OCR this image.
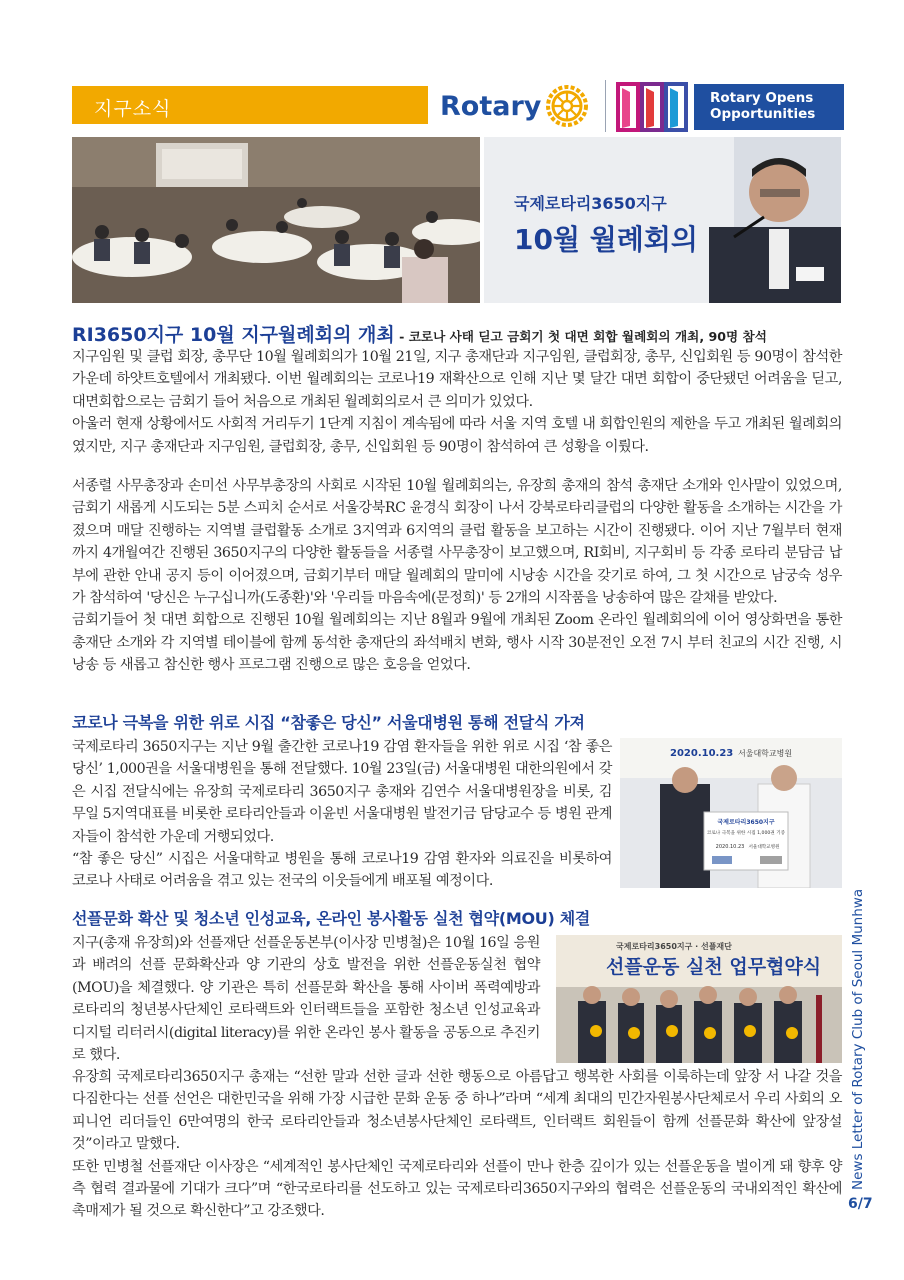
지구소식	Rotary	Rotary Opens
Opportunities
국제로타리3650지구
10월 월례회의
RI3650지구 10월 지구월례회의 개최 - 코로나 사태 딛고 금회기 첫 대면 회합 월례회의 개최, 90명 참석

지구임원 및 클럽 회장, 총무단 10월 월례회의가 10월 21일, 지구 총재단과 지구임원, 클럽회장, 총무, 신입회원 등 90명이 참석한 가운데 하얏트호텔에서 개최됐다. 이번 월례회의는 코로나19 재확산으로 인해 지난 몇 달간 대면 회합이 중단됐던 어려움을 딛고, 대면회합으로는 금회기 들어 처음으로 개최된 월례회의로서 큰 의미가 있었다.

아울러 현재 상황에서도 사회적 거리두기 1단계 지침이 계속됨에 따라 서울 지역 호텔 내 회합인원의 제한을 두고 개최된 월례회의였지만, 지구 총재단과 지구임원, 클럽회장, 총무, 신입회원 등 90명이 참석하여 큰 성황을 이뤘다.

서종렬 사무총장과 손미선 사무부총장의 사회로 시작된 10월 월례회의는, 유장희 총재의 참석 총재단 소개와 인사말이 있었으며, 금회기 새롭게 시도되는 5분 스피치 순서로 서울강북RC 윤경식 회장이 나서 강북로타리클럽의 다양한 활동을 소개하는 시간을 가졌으며 매달 진행하는 지역별 클럽활동 소개로 3지역과 6지역의 클럽 활동을 보고하는 시간이 진행됐다. 이어 지난 7월부터 현재까지 4개월여간 진행된 3650지구의 다양한 활동들을 서종렬 사무총장이 보고했으며, RI회비, 지구회비 등 각종 로타리 분담금 납부에 관한 안내 공지 등이 이어졌으며, 금회기부터 매달 월례회의 말미에 시낭송 시간을 갖기로 하여, 그 첫 시간으로 남궁숙 성우가 참석하여 '당신은 누구십니까(도종환)'와 '우리들 마음속에(문정희)' 등 2개의 시작품을 낭송하여 많은 갈채를 받았다.

금회기들어 첫 대면 회합으로 진행된 10월 월례회의는 지난 8월과 9월에 개최된 Zoom 온라인 월례회의에 이어 영상화면을 통한 총재단 소개와 각 지역별 테이블에 함께 동석한 총재단의 좌석배치 변화, 행사 시작 30분전인 오전 7시 부터 친교의 시간 진행, 시 낭송 등 새롭고 참신한 행사 프로그램 진행으로 많은 호응을 얻었다.

코로나 극복을 위한 위로 시집 “참좋은 당신” 서울대병원 통해 전달식 가져

국제로타리 3650지구는 지난 9월 출간한 코로나19 감염 환자들을 위한 위로 시집 ‘참 좋은 당신’ 1,000권을 서울대병원을 통해 전달했다. 10월 23일(금) 서울대병원 대한의원에서 갖은 시집 전달식에는 유장희 국제로타리 3650지구 총재와 김연수 서울대병원장을 비롯, 김무일 5지역대표를 비롯한 로타리안들과 이윤빈 서울대병원 발전기금 담당교수 등 병원 관계자들이 참석한 가운데 거행되었다.

“참 좋은 당신” 시집은 서울대학교 병원을 통해 코로나19 감염 환자와 의료진을 비롯하여 코로나 사태로 어려움을 겪고 있는 전국의 이웃들에게 배포될 예정이다.

2020.10.23 서울대학교병원
국제로타리3650지구
코로나 극복을 위한 시집 1,000권 기증
2020.10.23 서울대학교병원
선플문화 확산 및 청소년 인성교육, 온라인 봉사활동 실천 협약(MOU) 체결

지구(총재 유장희)와 선플재단 선플운동본부(이사장 민병철)은 10월 16일 응원과 배려의 선플 문화확산과 양 기관의 상호 발전을 위한 선플운동실천 협약(MOU)을 체결했다. 양 기관은 특히 선플문화 확산을 통해 사이버 폭력예방과 로타리의 청년봉사단체인 로타랙트와 인터랙트들을 포함한 청소년 인성교육과 디지털 리터러시(digital literacy)를 위한 온라인 봉사 활동을 공동으로 추진키로 했다.

국제로타리3650지구 · 선플재단
선플운동 실천 업무협약식

유장희 국제로타리3650지구 총재는 “선한 말과 선한 글과 선한 행동으로 아름답고 행복한 사회를 이룩하는데 앞장 서 나갈 것을 다짐한다는 선플 선언은 대한민국을 위해 가장 시급한 문화 운동 중 하나”라며 “세계 최대의 민간자원봉사단체로서 우리 사회의 오피니언 리더들인 6만여명의 한국 로타리안들과 청소년봉사단체인 로타랙트, 인터랙트 회원들이 함께 선플문화 확산에 앞장설 것”이라고 말했다.

또한 민병철 선플재단 이사장은 “세계적인 봉사단체인 국제로타리와 선플이 만나 한층 깊이가 있는 선플운동을 벌이게 돼 향후 양측 협력 결과물에 기대가 크다”며 “한국로타리를 선도하고 있는 국제로타리3650지구와의 협력은 선플운동의 국내외적인 확산에 촉매제가 될 것으로 확신한다”고 강조했다.

News Letter of Rotary Club of Seoul Munhwa
6/7
